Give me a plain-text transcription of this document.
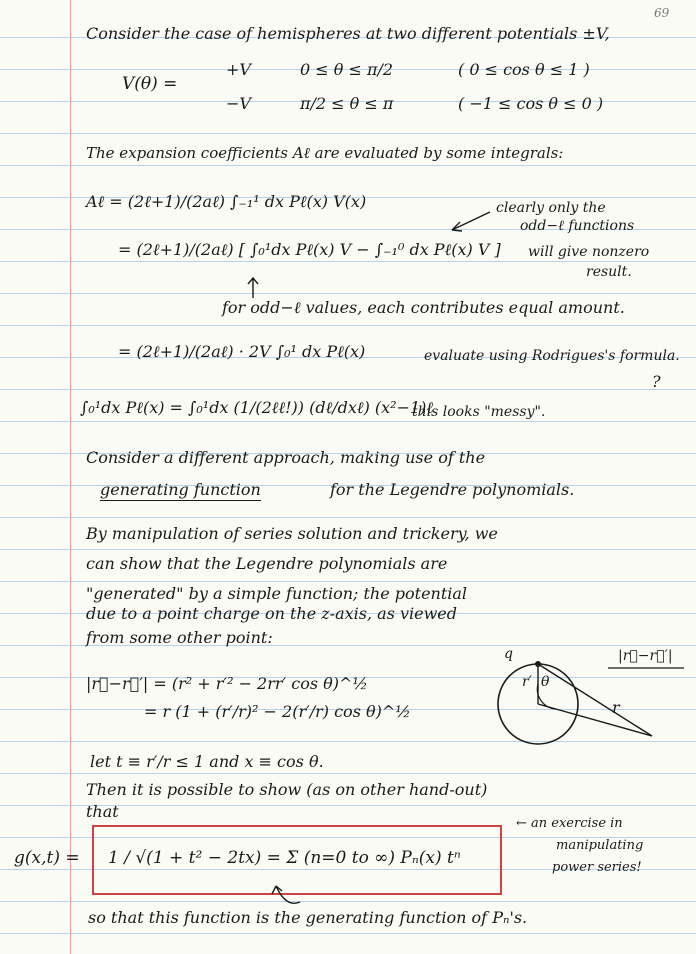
69
Consider the case of hemispheres at two different potentials ±V,
V(θ) =
+V	0 ≤ θ ≤ π/2	( 0 ≤ cos θ ≤ 1 )
−V	π/2 ≤ θ ≤ π	( −1 ≤ cos θ ≤ 0 )
The expansion coefficients Aℓ are evaluated by some integrals:
Aℓ = (2ℓ+1)/(2aℓ) ∫₋₁¹ dx Pℓ(x) V(x)	clearly only the
odd−ℓ functions
will give nonzero
result.
= (2ℓ+1)/(2aℓ) [ ∫₀¹dx Pℓ(x) V − ∫₋₁⁰ dx Pℓ(x) V ]
for odd−ℓ values, each contributes equal amount.
= (2ℓ+1)/(2aℓ) · 2V ∫₀¹ dx Pℓ(x)	evaluate using Rodrigues's formula.
?
∫₀¹dx Pℓ(x) = ∫₀¹dx (1/(2ℓℓ!)) (dℓ/dxℓ) (x²−1)ℓ
this looks "messy".
Consider a different approach, making use of the
generating function	for the Legendre polynomials.
By manipulation of series solution and trickery, we
can show that the Legendre polynomials are
"generated" by a simple function; the potential
due to a point charge on the z-axis, as viewed
from some other point:
|r⃗−r⃗′| = (r² + r′² − 2rr′ cos θ)^½
= r (1 + (r′/r)² − 2(r′/r) cos θ)^½
q	|r⃗−r⃗′|
r′ θ
r
let t ≡ r′/r ≤ 1 and x ≡ cos θ.
Then it is possible to show (as on other hand-out)
that
g(x,t) = 1 / √(1 + t² − 2tx) = Σ (n=0 to ∞) Pₙ(x) tⁿ
← an exercise in
manipulating
power series!
so that this function is the generating function of Pₙ's.
